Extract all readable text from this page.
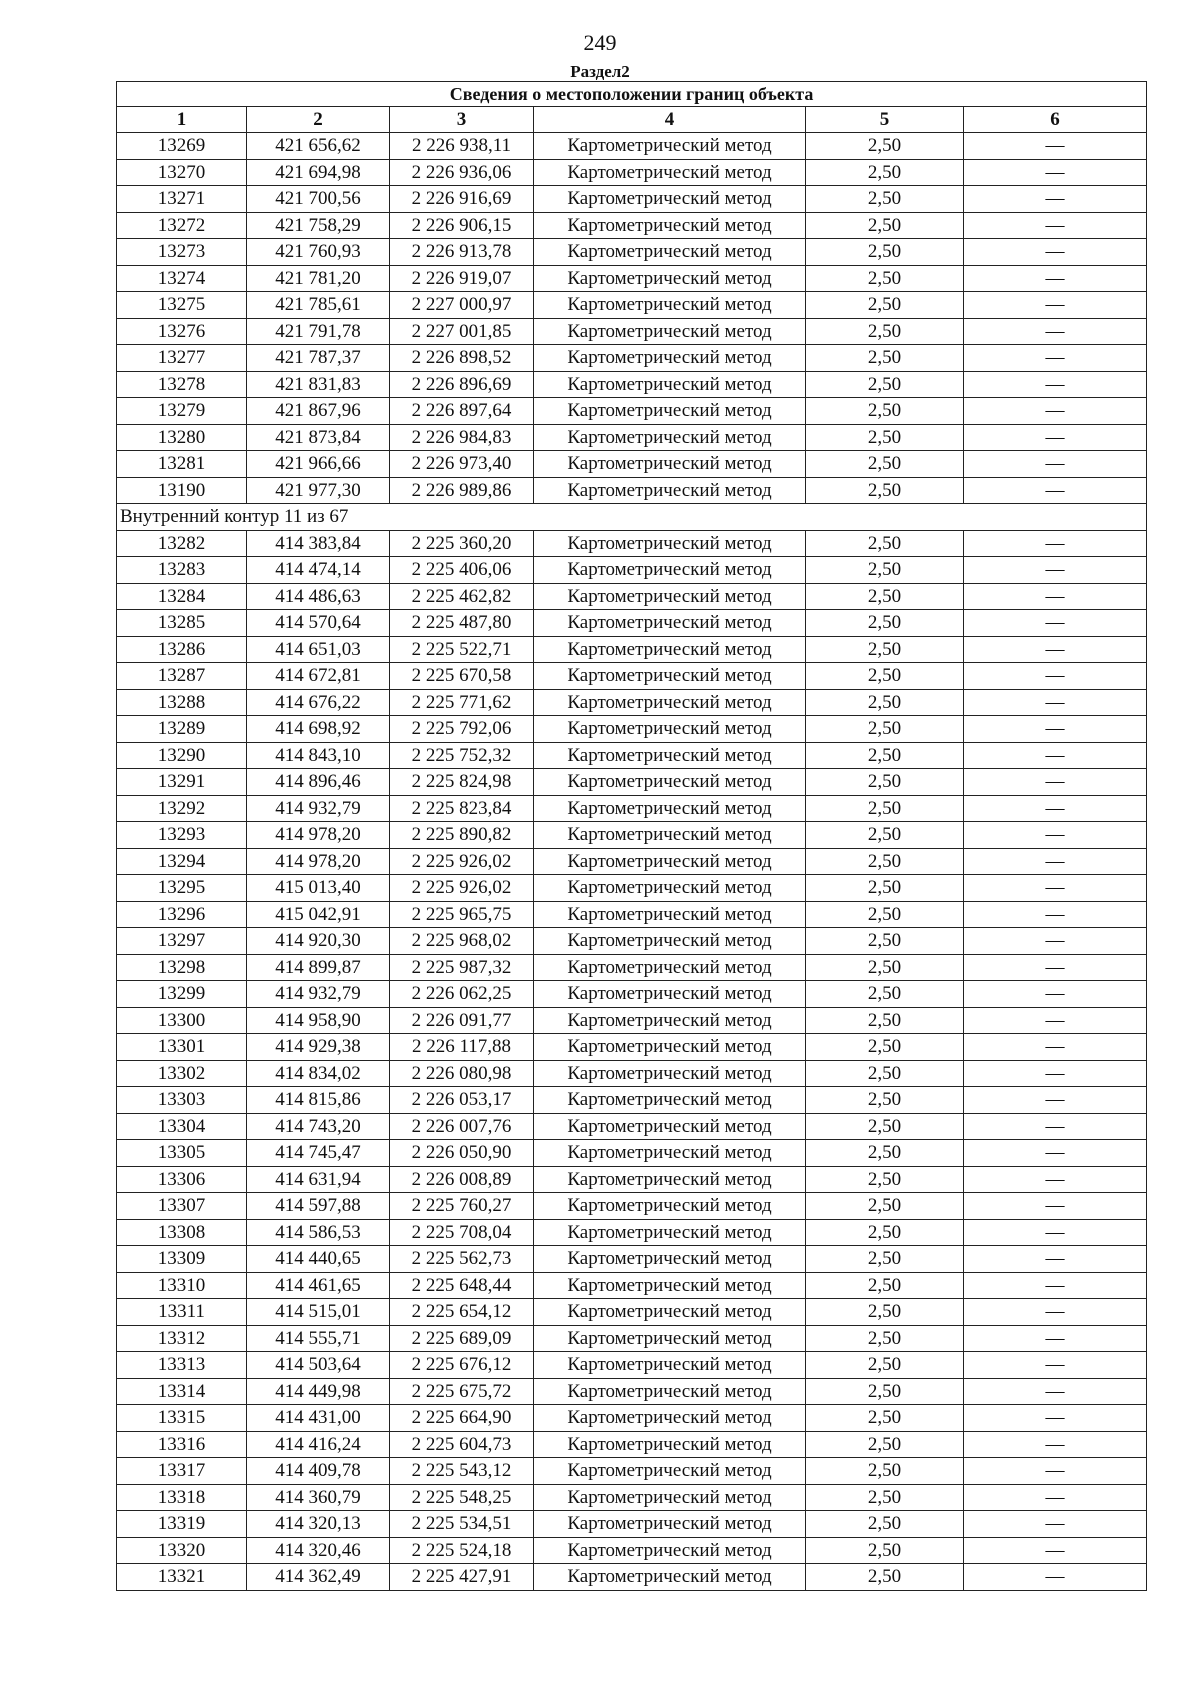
249
Раздел2
Сведения о местоположении границ объекта					
1	2	3	4	5	6
13269	421 656,62	2 226 938,11	Картометрический метод	2,50	—
13270	421 694,98	2 226 936,06	Картометрический метод	2,50	—
13271	421 700,56	2 226 916,69	Картометрический метод	2,50	—
13272	421 758,29	2 226 906,15	Картометрический метод	2,50	—
13273	421 760,93	2 226 913,78	Картометрический метод	2,50	—
13274	421 781,20	2 226 919,07	Картометрический метод	2,50	—
13275	421 785,61	2 227 000,97	Картометрический метод	2,50	—
13276	421 791,78	2 227 001,85	Картометрический метод	2,50	—
13277	421 787,37	2 226 898,52	Картометрический метод	2,50	—
13278	421 831,83	2 226 896,69	Картометрический метод	2,50	—
13279	421 867,96	2 226 897,64	Картометрический метод	2,50	—
13280	421 873,84	2 226 984,83	Картометрический метод	2,50	—
13281	421 966,66	2 226 973,40	Картометрический метод	2,50	—
13190	421 977,30	2 226 989,86	Картометрический метод	2,50	—
Внутренний контур 11 из 67					
13282	414 383,84	2 225 360,20	Картометрический метод	2,50	—
13283	414 474,14	2 225 406,06	Картометрический метод	2,50	—
13284	414 486,63	2 225 462,82	Картометрический метод	2,50	—
13285	414 570,64	2 225 487,80	Картометрический метод	2,50	—
13286	414 651,03	2 225 522,71	Картометрический метод	2,50	—
13287	414 672,81	2 225 670,58	Картометрический метод	2,50	—
13288	414 676,22	2 225 771,62	Картометрический метод	2,50	—
13289	414 698,92	2 225 792,06	Картометрический метод	2,50	—
13290	414 843,10	2 225 752,32	Картометрический метод	2,50	—
13291	414 896,46	2 225 824,98	Картометрический метод	2,50	—
13292	414 932,79	2 225 823,84	Картометрический метод	2,50	—
13293	414 978,20	2 225 890,82	Картометрический метод	2,50	—
13294	414 978,20	2 225 926,02	Картометрический метод	2,50	—
13295	415 013,40	2 225 926,02	Картометрический метод	2,50	—
13296	415 042,91	2 225 965,75	Картометрический метод	2,50	—
13297	414 920,30	2 225 968,02	Картометрический метод	2,50	—
13298	414 899,87	2 225 987,32	Картометрический метод	2,50	—
13299	414 932,79	2 226 062,25	Картометрический метод	2,50	—
13300	414 958,90	2 226 091,77	Картометрический метод	2,50	—
13301	414 929,38	2 226 117,88	Картометрический метод	2,50	—
13302	414 834,02	2 226 080,98	Картометрический метод	2,50	—
13303	414 815,86	2 226 053,17	Картометрический метод	2,50	—
13304	414 743,20	2 226 007,76	Картометрический метод	2,50	—
13305	414 745,47	2 226 050,90	Картометрический метод	2,50	—
13306	414 631,94	2 226 008,89	Картометрический метод	2,50	—
13307	414 597,88	2 225 760,27	Картометрический метод	2,50	—
13308	414 586,53	2 225 708,04	Картометрический метод	2,50	—
13309	414 440,65	2 225 562,73	Картометрический метод	2,50	—
13310	414 461,65	2 225 648,44	Картометрический метод	2,50	—
13311	414 515,01	2 225 654,12	Картометрический метод	2,50	—
13312	414 555,71	2 225 689,09	Картометрический метод	2,50	—
13313	414 503,64	2 225 676,12	Картометрический метод	2,50	—
13314	414 449,98	2 225 675,72	Картометрический метод	2,50	—
13315	414 431,00	2 225 664,90	Картометрический метод	2,50	—
13316	414 416,24	2 225 604,73	Картометрический метод	2,50	—
13317	414 409,78	2 225 543,12	Картометрический метод	2,50	—
13318	414 360,79	2 225 548,25	Картометрический метод	2,50	—
13319	414 320,13	2 225 534,51	Картометрический метод	2,50	—
13320	414 320,46	2 225 524,18	Картометрический метод	2,50	—
13321	414 362,49	2 225 427,91	Картометрический метод	2,50	—
